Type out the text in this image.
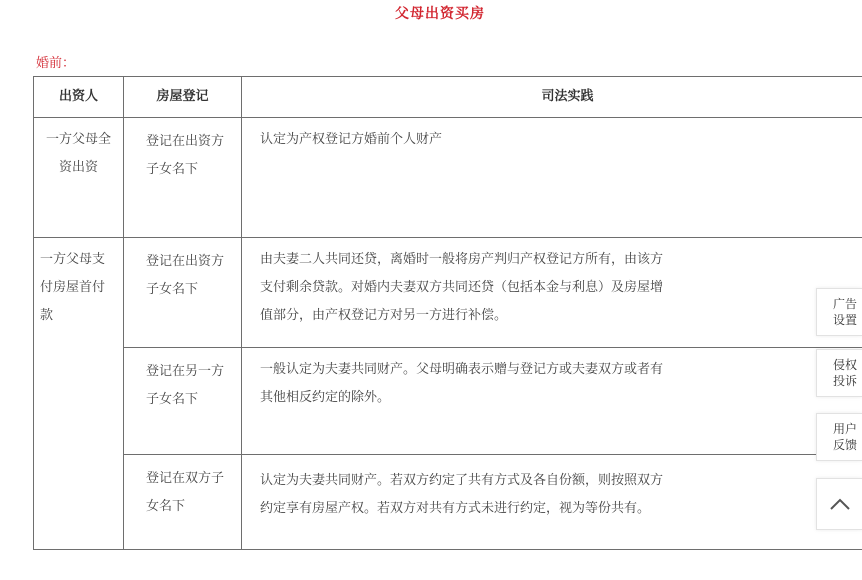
父母出资买房
婚前：
出资人	房屋登记	司法实践
一方父母全资出资	登记在出资方子女名下	认定为产权登记方婚前个人财产

一方父母支付房屋首付款	登记在出资方子女名下	由夫妻二人共同还贷，离婚时一般将房产判归产权登记方所有，由该方
支付剩余贷款。对婚内夫妻双方共同还贷（包括本金与利息）及房屋增
值部分，由产权登记方对另一方进行补偿。

	登记在另一方子女名下	一般认定为夫妻共同财产。父母明确表示赠与登记方或夫妻双方或者有
其他相反约定的除外。

	登记在双方子女名下	认定为夫妻共同财产。若双方约定了共有方式及各自份额，则按照双方
约定享有房屋产权。若双方对共有方式未进行约定，视为等份共有。
广告
设置
侵权
投诉
用户
反馈
